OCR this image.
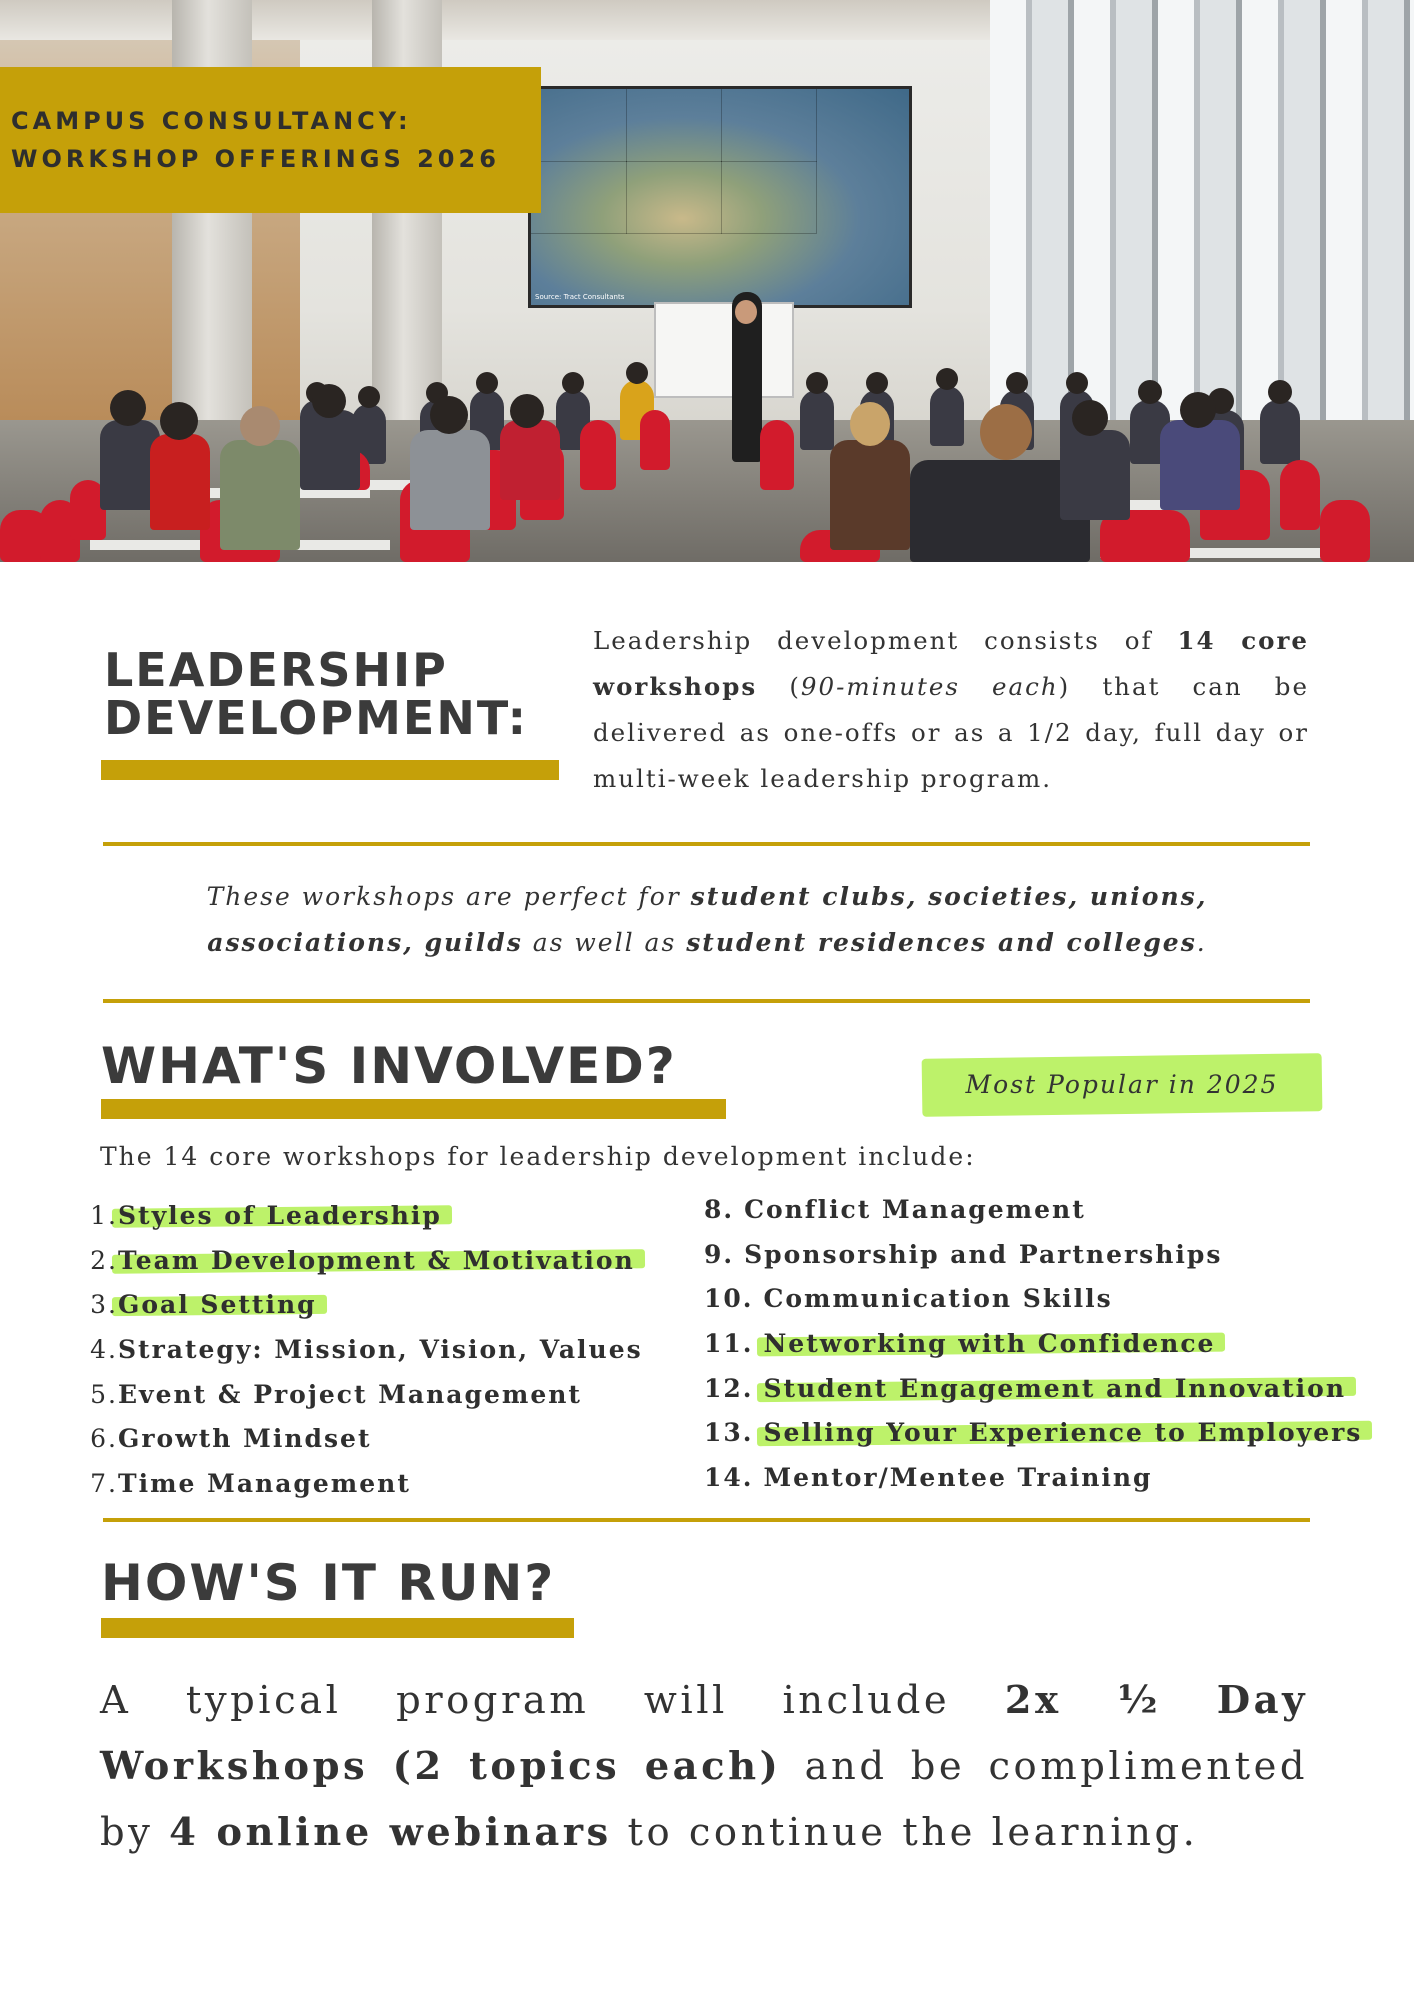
Source: Tract Consultants
CAMPUS CONSULTANCY:
WORKSHOP OFFERINGS 2026
LEADERSHIP
DEVELOPMENT:
Leadership development consists of 14 core workshops (90-minutes each) that can be delivered as one-offs or as a 1/2 day, full day or multi-week leadership program.
These workshops are perfect for student clubs, societies, unions, associations, guilds as well as student residences and colleges.
WHAT'S INVOLVED?	Most Popular in 2025
The 14 core workshops for leadership development include:
1.Styles of Leadership
2.Team Development & Motivation
3.Goal Setting
4.Strategy: Mission, Vision, Values
5.Event & Project Management
6.Growth Mindset
7.Time Management
8. Conflict Management
9. Sponsorship and Partnerships
10. Communication Skills
11. Networking with Confidence
12. Student Engagement and Innovation
13. Selling Your Experience to Employers
14. Mentor/Mentee Training
HOW'S IT RUN?
A typical program will include 2x ½ Day Workshops (2 topics each) and be complimented by 4 online webinars to continue the learning.
